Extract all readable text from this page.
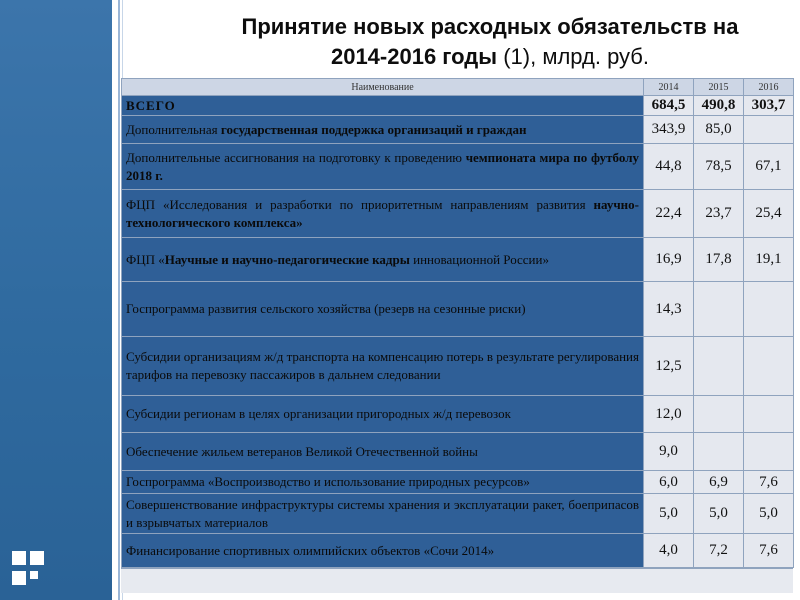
Принятие новых расходных обязательств на
2014-2016 годы (1), млрд. руб.
Наименование	2014	2015	2016
ВСЕГО	684,5	490,8	303,7
Дополнительная государственная поддержка организаций и граждан	343,9	85,0	
Дополнительные ассигнования на подготовку к проведению чемпионата мира по футболу 2018 г.	44,8	78,5	67,1
ФЦП «Исследования и разработки по приоритетным направлениям развития научно-технологического комплекса»	22,4	23,7	25,4
ФЦП «Научные и научно-педагогические кадры инновационной России»	16,9	17,8	19,1
Госпрограмма развития сельского хозяйства (резерв на сезонные риски)	14,3		
Субсидии организациям ж/д транспорта на компенсацию потерь в результате регулирования тарифов на перевозку пассажиров в дальнем следовании	12,5		
Субсидии регионам в целях организации пригородных ж/д перевозок	12,0		
Обеспечение жильем ветеранов Великой Отечественной войны	9,0		
Госпрограмма «Воспроизводство и использование природных ресурсов»	6,0	6,9	7,6
Совершенствование инфраструктуры системы хранения и эксплуатации ракет, боеприпасов и взрывчатых материалов	5,0	5,0	5,0
Финансирование спортивных олимпийских объектов «Сочи 2014»	4,0	7,2	7,6
